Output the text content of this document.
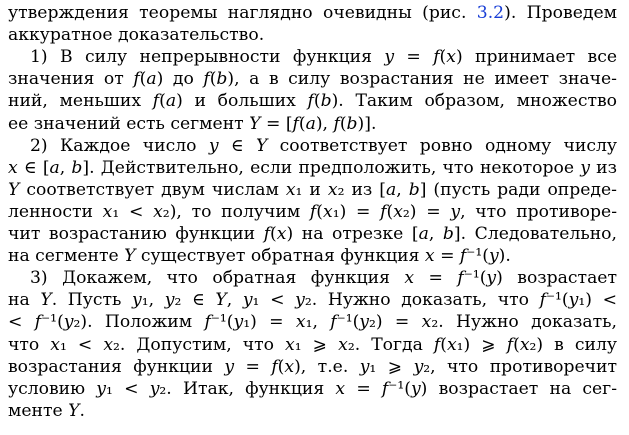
утверждения теоремы наглядно очевидны (рис. 3.2). Проведем
аккуратное доказательство.
1) В силу непрерывности функция 𝑦 = 𝑓(𝑥) принимает все
значения от 𝑓(𝑎) до 𝑓(𝑏), а в силу возрастания не имеет значе-
ний, меньших 𝑓(𝑎) и больших 𝑓(𝑏). Таким образом, множество
ее значений есть сегмент 𝑌 = [𝑓(𝑎), 𝑓(𝑏)].
2) Каждое число 𝑦 ∈ 𝑌 соответствует ровно одному числу
𝑥 ∈ [𝑎, 𝑏]. Действительно, если предположить, что некоторое 𝑦 из
𝑌 соответствует двум числам 𝑥₁ и 𝑥₂ из [𝑎, 𝑏] (пусть ради опреде-
ленности 𝑥₁ < 𝑥₂), то получим 𝑓(𝑥₁) = 𝑓(𝑥₂) = 𝑦, что противоре-
чит возрастанию функции 𝑓(𝑥) на отрезке [𝑎, 𝑏]. Следовательно,
на сегменте 𝑌 существует обратная функция 𝑥 = 𝑓⁻¹(𝑦).
3) Докажем, что обратная функция 𝑥 = 𝑓⁻¹(𝑦) возрастает
на 𝑌. Пусть 𝑦₁, 𝑦₂ ∈ 𝑌, 𝑦₁ < 𝑦₂. Нужно доказать, что 𝑓⁻¹(𝑦₁) <
< 𝑓⁻¹(𝑦₂). Положим 𝑓⁻¹(𝑦₁) = 𝑥₁, 𝑓⁻¹(𝑦₂) = 𝑥₂. Нужно доказать,
что 𝑥₁ < 𝑥₂. Допустим, что 𝑥₁ ⩾ 𝑥₂. Тогда 𝑓(𝑥₁) ⩾ 𝑓(𝑥₂) в силу
возрастания функции 𝑦 = 𝑓(𝑥), т.е. 𝑦₁ ⩾ 𝑦₂, что противоречит
условию 𝑦₁ < 𝑦₂. Итак, функция 𝑥 = 𝑓⁻¹(𝑦) возрастает на сег-
менте 𝑌.
